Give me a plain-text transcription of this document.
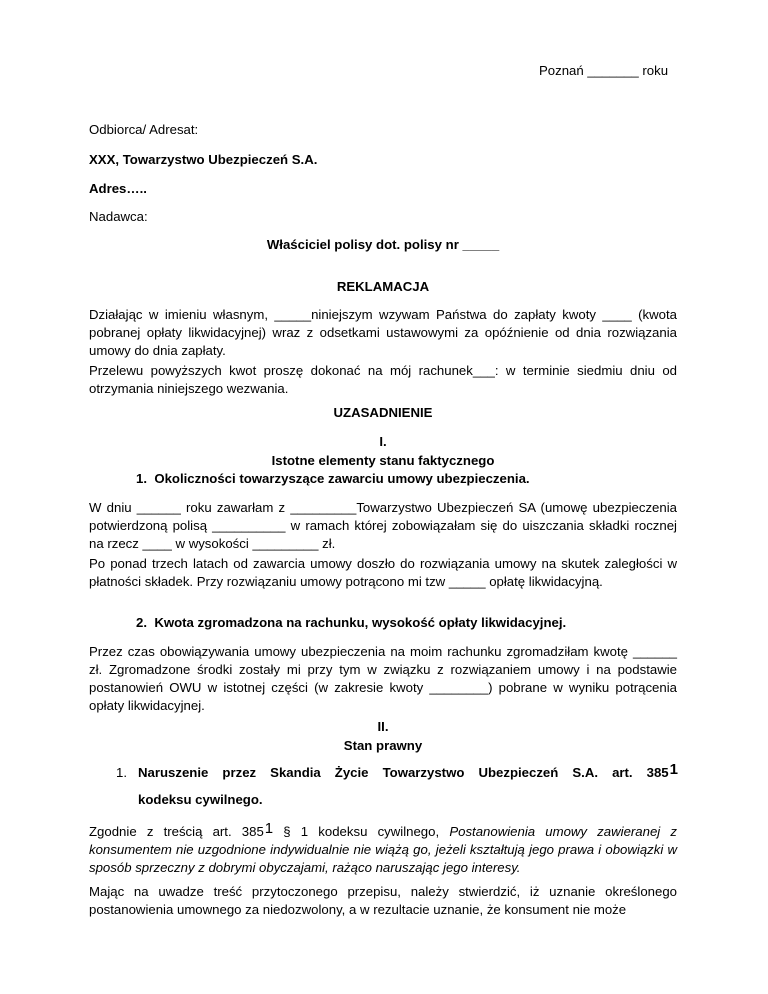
Poznań _______ roku
Odbiorca/ Adresat:
XXX, Towarzystwo Ubezpieczeń S.A.
Adres…..
Nadawca:
Właściciel polisy dot. polisy nr _____
REKLAMACJA
Działając w imieniu własnym, _____niniejszym wzywam Państwa do zapłaty kwoty ____ (kwota pobranej opłaty likwidacyjnej) wraz z odsetkami ustawowymi za opóźnienie od dnia rozwiązania umowy do dnia zapłaty.
Przelewu powyższych kwot proszę dokonać na mój rachunek___: w terminie siedmiu dniu od otrzymania niniejszego wezwania.
UZASADNIENIE
I.
Istotne elementy stanu faktycznego
1. Okoliczności towarzyszące zawarciu umowy ubezpieczenia.
W dniu ______ roku zawarłam z _________Towarzystwo Ubezpieczeń SA (umowę ubezpieczenia potwierdzoną polisą __________ w ramach której zobowiązałam się do uiszczania składki rocznej na rzecz ____ w wysokości _________ zł.
Po ponad trzech latach od zawarcia umowy doszło do rozwiązania umowy na skutek zaległości w płatności składek. Przy rozwiązaniu umowy potrącono mi tzw _____ opłatę likwidacyjną.
2. Kwota zgromadzona na rachunku, wysokość opłaty likwidacyjnej.
Przez czas obowiązywania umowy ubezpieczenia na moim rachunku zgromadziłam kwotę ______ zł. Zgromadzone środki zostały mi przy tym w związku z rozwiązaniem umowy i na podstawie postanowień OWU w istotnej części (w zakresie kwoty ________) pobrane w wyniku potrącenia opłaty likwidacyjnej.
II.
Stan prawny
1. Naruszenie przez Skandia Życie Towarzystwo Ubezpieczeń S.A. art. 3851
kodeksu cywilnego.
Zgodnie z treścią art. 3851 § 1 kodeksu cywilnego, Postanowienia umowy zawieranej z konsumentem nie uzgodnione indywidualnie nie wiążą go, jeżeli kształtują jego prawa i obowiązki w sposób sprzeczny z dobrymi obyczajami, rażąco naruszając jego interesy.
Mając na uwadze treść przytoczonego przepisu, należy stwierdzić, iż uznanie określonego postanowienia umownego za niedozwolony, a w rezultacie uznanie, że konsument nie może
